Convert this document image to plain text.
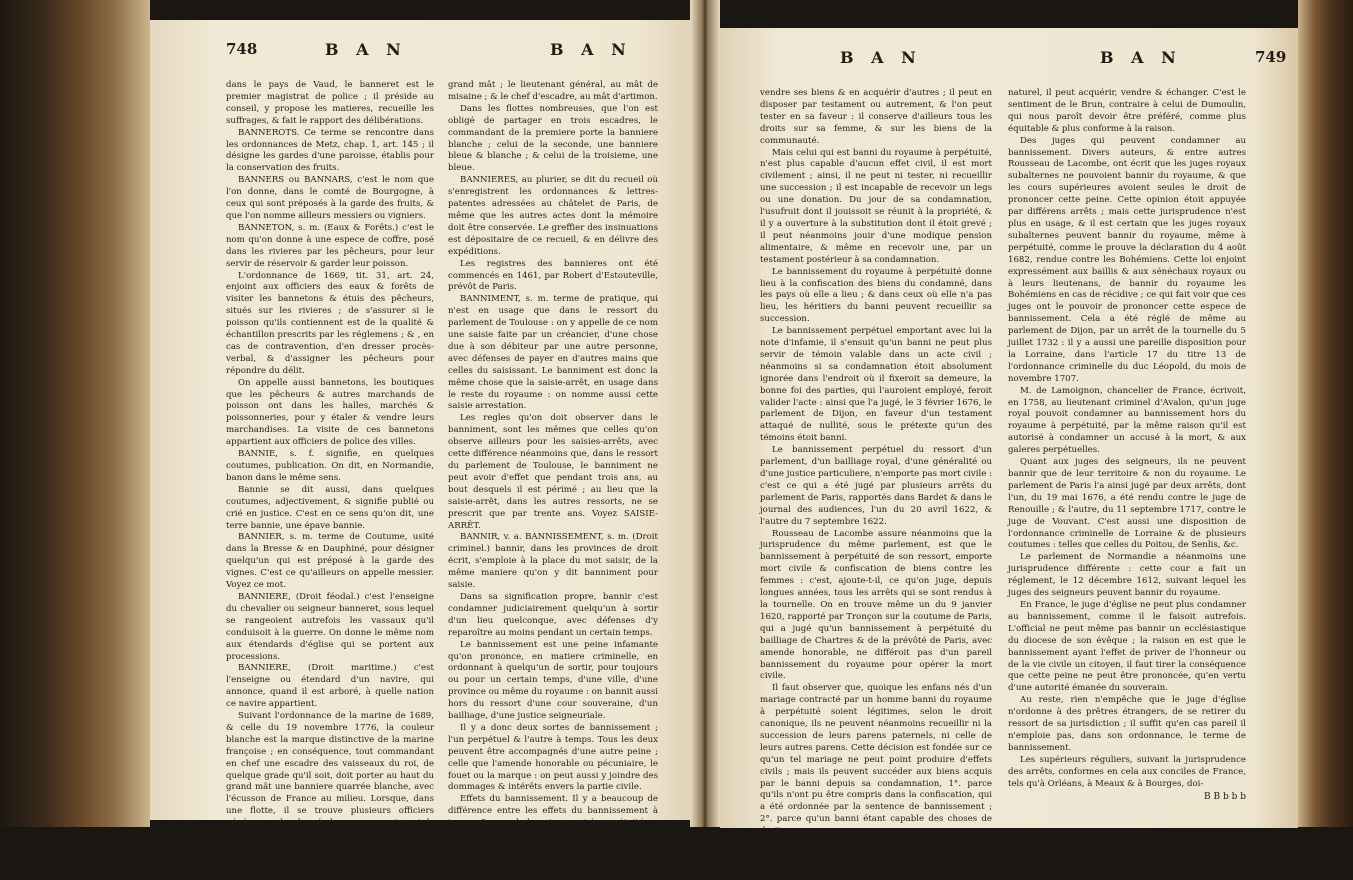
748	B A N	B A N

dans le pays de Vaud, le banneret est le premier magistrat de police ; il préside au conseil, y propose les matieres, recueille les suffrages, & fait le rapport des délibérations.

BANNEROTS. Ce terme se rencontre dans les ordonnances de Metz, chap. 1, art. 145 ; il désigne les gardes d'une paroisse, établis pour la conservation des fruits.

BANNERS ou BANNARS, c'est le nom que l'on donne, dans le comté de Bourgogne, à ceux qui sont préposés à la garde des fruits, & que l'on nomme ailleurs messiers ou vigniers.

BANNETON, s. m. (Eaux & Forêts.) c'est le nom qu'on donne à une espece de coffre, posé dans les rivieres par les pêcheurs, pour leur servir de réservoir & garder leur poisson.

L'ordonnance de 1669, tit. 31, art. 24, enjoint aux officiers des eaux & forêts de visiter les bannetons & étuis des pêcheurs, situés sur les rivieres ; de s'assurer si le poisson qu'ils contiennent est de la qualité & échantillon prescrits par les réglemens ; & , en cas de contravention, d'en dresser procès-verbal, & d'assigner les pêcheurs pour répondre du délit.

On appelle aussi bannetons, les boutiques que les pêcheurs & autres marchands de poisson ont dans les halles, marchés & poissonneries, pour y étaler & vendre leurs marchandises. La visite de ces bannetons appartient aux officiers de police des villes.

BANNIE, s. f. signifie, en quelques coutumes, publication. On dit, en Normandie, banon dans le même sens.

Bannie se dit aussi, dans quelques coutumes, adjectivement, & signifie publié ou crié en justice. C'est en ce sens qu'on dit, une terre bannie, une épave bannie.

BANNIER, s. m. terme de Coutume, usité dans la Bresse & en Dauphiné, pour désigner quelqu'un qui est préposé à la garde des vignes. C'est ce qu'ailleurs on appelle messier. Voyez ce mot.

BANNIERE, (Droit féodal.) c'est l'enseigne du chevalier ou seigneur banneret, sous lequel se rangeoient autrefois les vassaux qu'il conduisoit à la guerre. On donne le même nom aux étendards d'église qui se portent aux processions.

BANNIERE, (Droit maritime.) c'est l'enseigne ou étendard d'un navire, qui annonce, quand il est arboré, à quelle nation ce navire appartient.

Suivant l'ordonnance de la marine de 1689, & celle du 19 novembre 1776, la couleur blanche est la marque distinctive de la marine françoise ; en conséquence, tout commandant en chef une escadre des vaisseaux du roi, de quelque grade qu'il soit, doit porter au haut du grand mât une banniere quarrée blanche, avec l'écusson de France au milieu. Lorsque, dans une flotte, il se trouve plusieurs officiers généraux subordonnés les uns aux autres, tels qu'un vice-amiral, un lieutenant général, un chef d'escadre, chacun d'eux doit arborer la banniere blanche sur le vaisseau qu'il monte ; le vice-amiral, au

grand mât ; le lieutenant général, au mât de misaine ; & le chef d'escadre, au mât d'artimon.

Dans les flottes nombreuses, que l'on est obligé de partager en trois escadres, le commandant de la premiere porte la banniere blanche ; celui de la seconde, une banniere bleue & blanche ; & celui de la troisieme, une bleue.

BANNIERES, au plurier, se dit du recueil où s'enregistrent les ordonnances & lettres-patentes adressées au châtelet de Paris, de même que les autres actes dont la mémoire doit être conservée. Le greffier des insinuations est dépositaire de ce recueil, & en délivre des expéditions.

Les registres des bannieres ont été commencés en 1461, par Robert d'Estouteville, prévôt de Paris.

BANNIMENT, s. m. terme de pratique, qui n'est en usage que dans le ressort du parlement de Toulouse : on y appelle de ce nom une saisie faite par un créancier, d'une chose due à son débiteur par une autre personne, avec défenses de payer en d'autres mains que celles du saisissant. Le banniment est donc la même chose que la saisie-arrêt, en usage dans le reste du royaume : on nomme aussi cette saisie arrestation.

Les regles qu'on doit observer dans le banniment, sont les mêmes que celles qu'on observe ailleurs pour les saisies-arrêts, avec cette différence néanmoins que, dans le ressort du parlement de Toulouse, le banniment ne peut avoir d'effet que pendant trois ans, au bout desquels il est périmé ; au lieu que la saisie-arrêt, dans les autres ressorts, ne se prescrit que par trente ans. Voyez SAISIE-ARRÊT.

BANNIR, v. a. BANNISSEMENT, s. m. (Droit criminel.) bannir, dans les provinces de droit écrit, s'emploie à la place du mot saisir, de la même maniere qu'on y dit banniment pour saisie.

Dans sa signification propre, bannir c'est condamner judiciairement quelqu'un à sortir d'un lieu quelconque, avec défenses d'y reparoître au moins pendant un certain temps.

Le bannissement est une peine infamante qu'on prononce, en matiere criminelle, en ordonnant à quelqu'un de sortir, pour toujours ou pour un certain temps, d'une ville, d'une province ou même du royaume : on bannit aussi hors du ressort d'une cour souveraine, d'un bailliage, d'une justice seigneuriale.

Il y a donc deux sortes de bannissement ; l'un perpétuel & l'autre à temps. Tous les deux peuvent être accompagnés d'une autre peine ; celle que l'amende honorable ou pécuniaire, le fouet ou la marque : on peut aussi y joindre des dommages & intérêts envers la partie civile.

Effets du bannissement. Il y a beaucoup de différence entre les effets du bannissement à temps, & ceux du bannissement à perpétuité.

Le bannissement à temps n'emporte ni mort civile, ni confiscation ; celui qui y est condamné, peut

vendre
B A N	B A N	749

vendre ses biens & en acquérir d'autres ; il peut en disposer par testament ou autrement, & l'on peut tester en sa faveur : il conserve d'ailleurs tous les droits sur sa femme, & sur les biens de la communauté.

Mais celui qui est banni du royaume à perpétuité, n'est plus capable d'aucun effet civil, il est mort civilement ; ainsi, il ne peut ni tester, ni recueillir une succession ; il est incapable de recevoir un legs ou une donation. Du jour de sa condamnation, l'usufruit dont il jouissoit se réunit à la propriété, & il y a ouverture à la substitution dont il étoit grevé ; il peut néanmoins jouir d'une modique pension alimentaire, & même en recevoir une, par un testament postérieur à sa condamnation.

Le bannissement du royaume à perpétuité donne lieu à la confiscation des biens du condamné, dans les pays où elle a lieu ; & dans ceux où elle n'a pas lieu, les héritiers du banni peuvent recueillir sa succession.

Le bannissement perpétuel emportant avec lui la note d'infamie, il s'ensuit qu'un banni ne peut plus servir de témoin valable dans un acte civil ; néanmoins si sa condamnation étoit absolument ignorée dans l'endroit où il fixeroit sa demeure, la bonne foi des parties, qui l'auroient employé, feroit valider l'acte : ainsi que l'a jugé, le 3 février 1676, le parlement de Dijon, en faveur d'un testament attaqué de nullité, sous le prétexte qu'un des témoins étoit banni.

Le bannissement perpétuel du ressort d'un parlement, d'un bailliage royal, d'une généralité ou d'une justice particuliere, n'emporte pas mort civile : c'est ce qui a été jugé par plusieurs arrêts du parlement de Paris, rapportés dans Bardet & dans le journal des audiences, l'un du 20 avril 1622, & l'autre du 7 septembre 1622.

Rousseau de Lacombe assure néanmoins que la jurisprudence du même parlement, est que le bannissement à perpétuité de son ressort, emporte mort civile & confiscation de biens contre les femmes : c'est, ajoute-t-il, ce qu'on juge, depuis longues années, tous les arrêts qui se sont rendus à la tournelle. On en trouve même un du 9 janvier 1620, rapporté par Tronçon sur la coutume de Paris, qui a jugé qu'un bannissement à perpétuité du bailliage de Chartres & de la prévôté de Paris, avec amende honorable, ne différoit pas d'un pareil bannissement du royaume pour opérer la mort civile.

Il faut observer que, quoique les enfans nés d'un mariage contracté par un homme banni du royaume à perpétuité soient légitimes, selon le droit canonique, ils ne peuvent néanmoins recueillir ni la succession de leurs parens paternels, ni celle de leurs autres parens. Cette décision est fondée sur ce qu'un tel mariage ne peut point produire d'effets civils ; mais ils peuvent succéder aux biens acquis par le banni depuis sa condamnation, 1°. parce qu'ils n'ont pu être compris dans la confiscation, qui a été ordonnée par la sentence de bannissement ; 2°. parce qu'un banni étant capable des choses de droit

Jurisprudence. Tome I.

naturel, il peut acquérir, vendre & échanger. C'est le sentiment de le Brun, contraire à celui de Dumoulin, qui nous paroît devoir être préféré, comme plus équitable & plus conforme à la raison.

Des juges qui peuvent condamner au bannissement. Divers auteurs, & entre autres Rousseau de Lacombe, ont écrit que les juges royaux subalternes ne pouvoient bannir du royaume, & que les cours supérieures avoient seules le droit de prononcer cette peine. Cette opinion étoit appuyée par différens arrêts ; mais cette jurisprudence n'est plus en usage, & il est certain que les juges royaux subalternes peuvent bannir du royaume, même à perpétuité, comme le prouve la déclaration du 4 août 1682, rendue contre les Bohémiens. Cette loi enjoint expressément aux baillis & aux sénéchaux royaux ou à leurs lieutenans, de bannir du royaume les Bohémiens en cas de récidive ; ce qui fait voir que ces juges ont le pouvoir de prononcer cette espece de bannissement. Cela a été réglé de même au parlement de Dijon, par un arrêt de la tournelle du 5 juillet 1732 : il y a aussi une pareille disposition pour la Lorraine, dans l'article 17 du titre 13 de l'ordonnance criminelle du duc Léopold, du mois de novembre 1707.

M. de Lamoignon, chancelier de France, écrivoit, en 1758, au lieutenant criminel d'Avalon, qu'un juge royal pouvoit condamner au bannissement hors du royaume à perpétuité, par la même raison qu'il est autorisé à condamner un accusé à la mort, & aux galeres perpétuelles.

Quant aux juges des seigneurs, ils ne peuvent bannir que de leur territoire & non du royaume. Le parlement de Paris l'a ainsi jugé par deux arrêts, dont l'un, du 19 mai 1676, a été rendu contre le juge de Renouille ; & l'autre, du 11 septembre 1717, contre le juge de Vouvant. C'est aussi une disposition de l'ordonnance criminelle de Lorraine & de plusieurs coutumes : telles que celles du Poitou, de Senlis, &c.

Le parlement de Normandie a néanmoins une jurisprudence différente : cette cour a fait un réglement, le 12 décembre 1612, suivant lequel les juges des seigneurs peuvent bannir du royaume.

En France, le juge d'église ne peut plus condamner au bannissement, comme il le faisoit autrefois. L'official ne peut même pas bannir un ecclésiastique du diocese de son évêque ; la raison en est que le bannissement ayant l'effet de priver de l'honneur ou de la vie civile un citoyen, il faut tirer la conséquence que cette peine ne peut être prononcée, qu'en vertu d'une autorité émanée du souverain.

Au reste, rien n'empêche que le juge d'église n'ordonne à des prêtres étrangers, de se retirer du ressort de sa jurisdiction ; il suffit qu'en cas pareil il n'emploie pas, dans son ordonnance, le terme de bannissement.

Les supérieurs réguliers, suivant la jurisprudence des arrêts, conformes en cela aux conciles de France, tels qu'à Orléans, à Meaux & à Bourges, doi-

B B b b b
